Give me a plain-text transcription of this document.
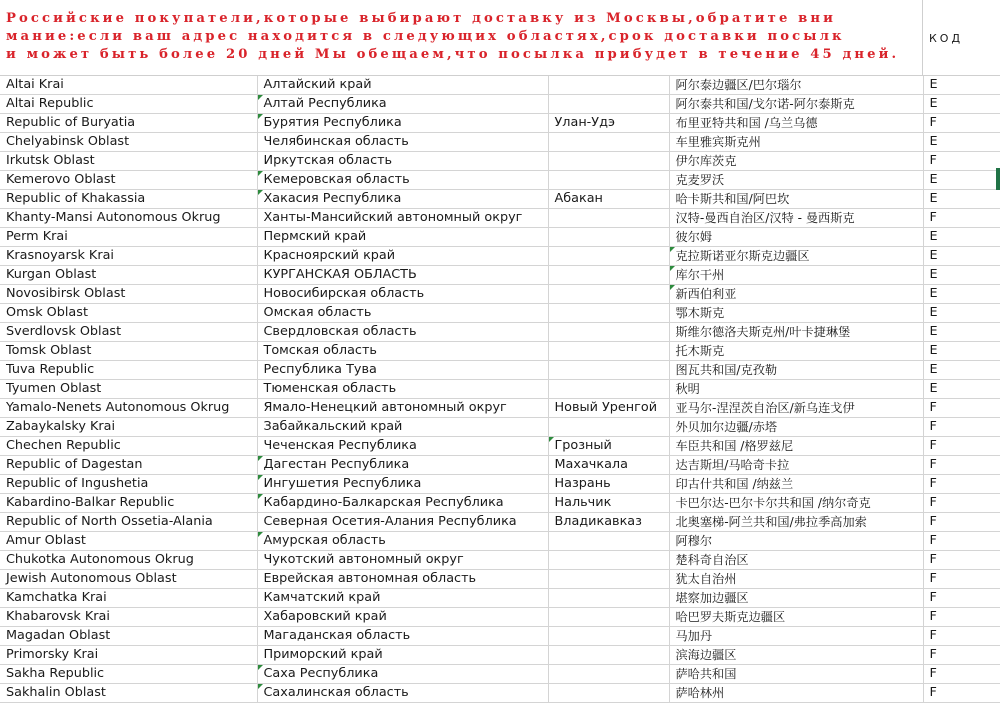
Российские покупатели,которые выбирают доставку из Москвы,обратите вни
мание:если ваш адрес находится в следующих областях,срок доставки посылк
и может быть более 20 дней Мы обещаем,что посылка прибудет в течение 45 дней.
КОД
Altai Krai	Алтайский край		阿尔泰边疆区/巴尔瑙尔	E
Altai Republic	Алтай Республика		阿尔泰共和国/戈尔诺-阿尔泰斯克	E
Republic of Buryatia	Бурятия Республика	Улан-Удэ	布里亚特共和国 /乌兰乌德	F
Chelyabinsk Oblast	Челябинская область		车里雅宾斯克州	E
Irkutsk Oblast	Иркутская область		伊尔库茨克	F
Kemerovo Oblast	Кемеровская область		克麦罗沃	E
Republic of Khakassia	Хакасия Республика	Абакан	哈卡斯共和国/阿巴坎	E
Khanty-Mansi Autonomous Okrug	Ханты-Мансийский автономный округ		汉特-曼西自治区/汉特 - 曼西斯克	F
Perm Krai	Пермский край		彼尔姆	E
Krasnoyarsk Krai	Красноярский край		克拉斯诺亚尔斯克边疆区	E
Kurgan Oblast	КУРГАНСКАЯ ОБЛАСТЬ		库尔干州	E
Novosibirsk Oblast	Новосибирская область		新西伯利亚	E
Omsk Oblast	Омская область		鄂木斯克	E
Sverdlovsk Oblast	Свердловская область		斯维尔德洛夫斯克州/叶卡捷琳堡	E
Tomsk Oblast	Томская область		托木斯克	E
Tuva Republic	Республика Тува		图瓦共和国/克孜勒	E
Tyumen Oblast	Тюменская область		秋明	E
Yamalo-Nenets Autonomous Okrug	Ямало-Ненецкий автономный округ	Новый Уренгой	亚马尔-涅涅茨自治区/新乌连戈伊	F
Zabaykalsky Krai	Забайкальский край		外贝加尔边疆/赤塔	F
Chechen Republic	Чеченская Республика	Грозный	车臣共和国 /格罗兹尼	F
Republic of Dagestan	Дагестан Республика	Махачкала	达吉斯坦/马哈奇卡拉	F
Republic of Ingushetia	Ингушетия Республика	Назрань	印古什共和国 /纳兹兰	F
Kabardino-Balkar Republic	Кабардино-Балкарская Республика	Нальчик	卡巴尔达-巴尔卡尔共和国 /纳尔奇克	F
Republic of North Ossetia-Alania	Северная Осетия-Алания Республика	Владикавказ	北奥塞梯-阿兰共和国/弗拉季高加索	F
Amur Oblast	Амурская область		阿穆尔	F
Chukotka Autonomous Okrug	Чукотский автономный округ		楚科奇自治区	F
Jewish Autonomous Oblast	Еврейская автономная область		犹太自治州	F
Kamchatka Krai	Камчатский край		堪察加边疆区	F
Khabarovsk Krai	Хабаровский край		哈巴罗夫斯克边疆区	F
Magadan Oblast	Магаданская область		马加丹	F
Primorsky Krai	Приморский край		滨海边疆区	F
Sakha Republic	Саха Республика		萨哈共和国	F
Sakhalin Oblast	Сахалинская область		萨哈林州	F
